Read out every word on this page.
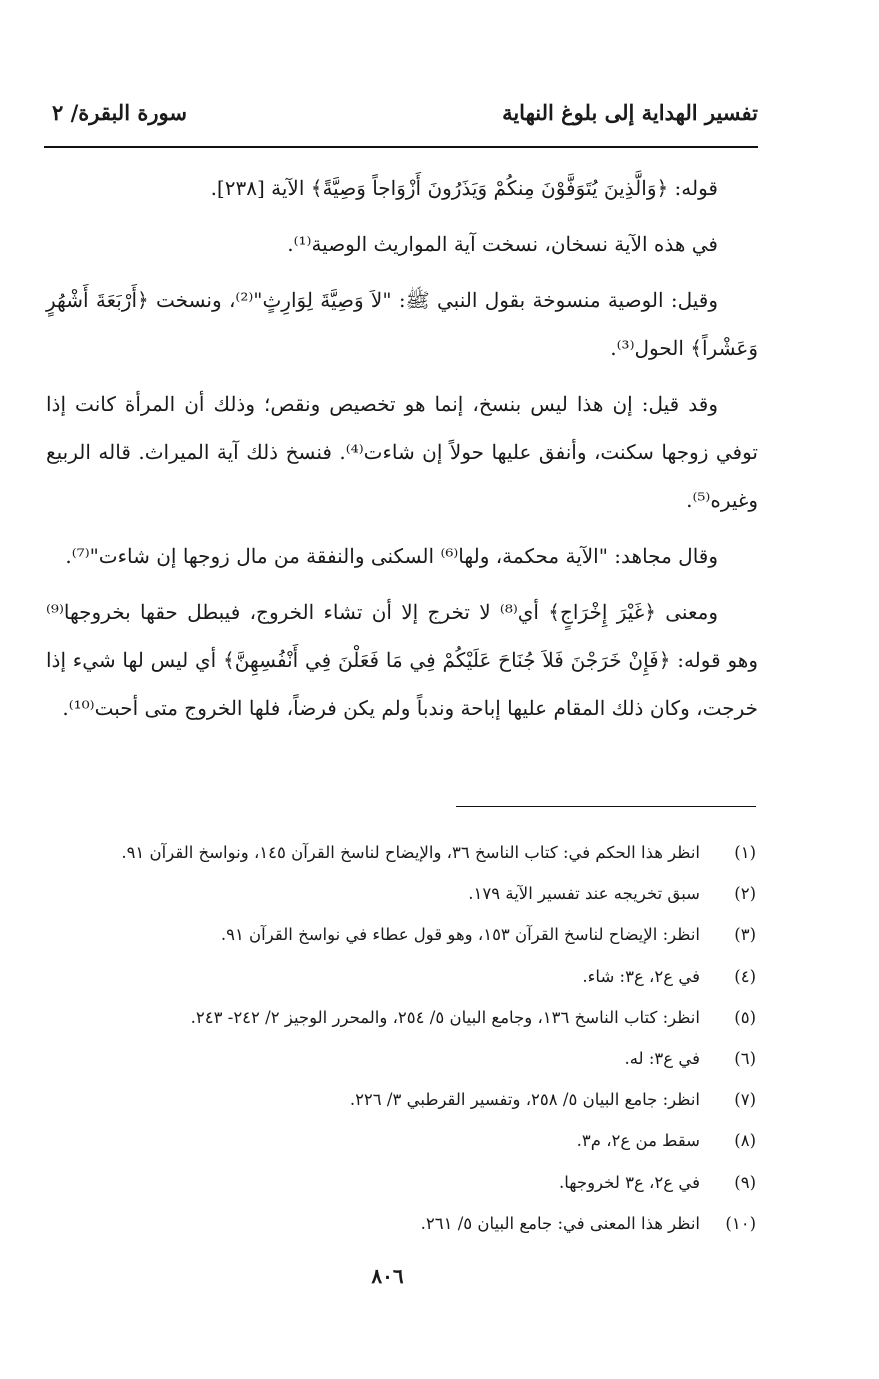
تفسير الهداية إلى بلوغ النهاية
سورة البقرة/ ٢

قوله: ﴿وَالَّذِينَ يُتَوَفَّوْنَ مِنكُمْ وَيَذَرُونَ أَزْوَاجاً وَصِيَّةً﴾ الآية [٢٣٨].

في هذه الآية نسخان، نسخت آية المواريث الوصية⁽¹⁾.

وقيل: الوصية منسوخة بقول النبي ﷺ: "لاَ وَصِيَّةَ لِوَارِثٍ"⁽²⁾، ونسخت ﴿أَرْبَعَةَ أَشْهُرٍ وَعَشْراً﴾ الحول⁽³⁾.

وقد قيل: إن هذا ليس بنسخ، إنما هو تخصيص ونقص؛ وذلك أن المرأة كانت إذا توفي زوجها سكنت، وأنفق عليها حولاً إن شاءت⁽⁴⁾. فنسخ ذلك آية الميراث. قاله الربيع وغيره⁽⁵⁾.

وقال مجاهد: "الآية محكمة، ولها⁽⁶⁾ السكنى والنفقة من مال زوجها إن شاءت"⁽⁷⁾.

ومعنى ﴿غَيْرَ إِخْرَاجٍ﴾ أي⁽⁸⁾ لا تخرج إلا أن تشاء الخروج، فيبطل حقها بخروجها⁽⁹⁾ وهو قوله: ﴿فَإِنْ خَرَجْنَ فَلاَ جُنَاحَ عَلَيْكُمْ فِي مَا فَعَلْنَ فِي أَنْفُسِهِنَّ﴾ أي ليس لها شيء إذا خرجت، وكان ذلك المقام عليها إباحة وندباً ولم يكن فرضاً، فلها الخروج متى أحبت⁽¹⁰⁾.

(١)
انظر هذا الحكم في: كتاب الناسخ ٣٦، والإيضاح لناسخ القرآن ١٤٥، ونواسخ القرآن ٩١.
(٢)
سبق تخريجه عند تفسير الآية ١٧٩.
(٣)
انظر: الإيضاح لناسخ القرآن ١٥٣، وهو قول عطاء في نواسخ القرآن ٩١.
(٤)
في ع٢، ع٣: شاء.
(٥)
انظر: كتاب الناسخ ١٣٦، وجامع البيان ٥/ ٢٥٤، والمحرر الوجيز ٢/ ٢٤٢- ٢٤٣.
(٦)
في ع٣: له.
(٧)
انظر: جامع البيان ٥/ ٢٥٨، وتفسير القرطبي ٣/ ٢٢٦.
(٨)
سقط من ع٢، م٣.
(٩)
في ع٢، ع٣ لخروجها.
(١٠)
انظر هذا المعنى في: جامع البيان ٥/ ٢٦١.
٨٠٦
